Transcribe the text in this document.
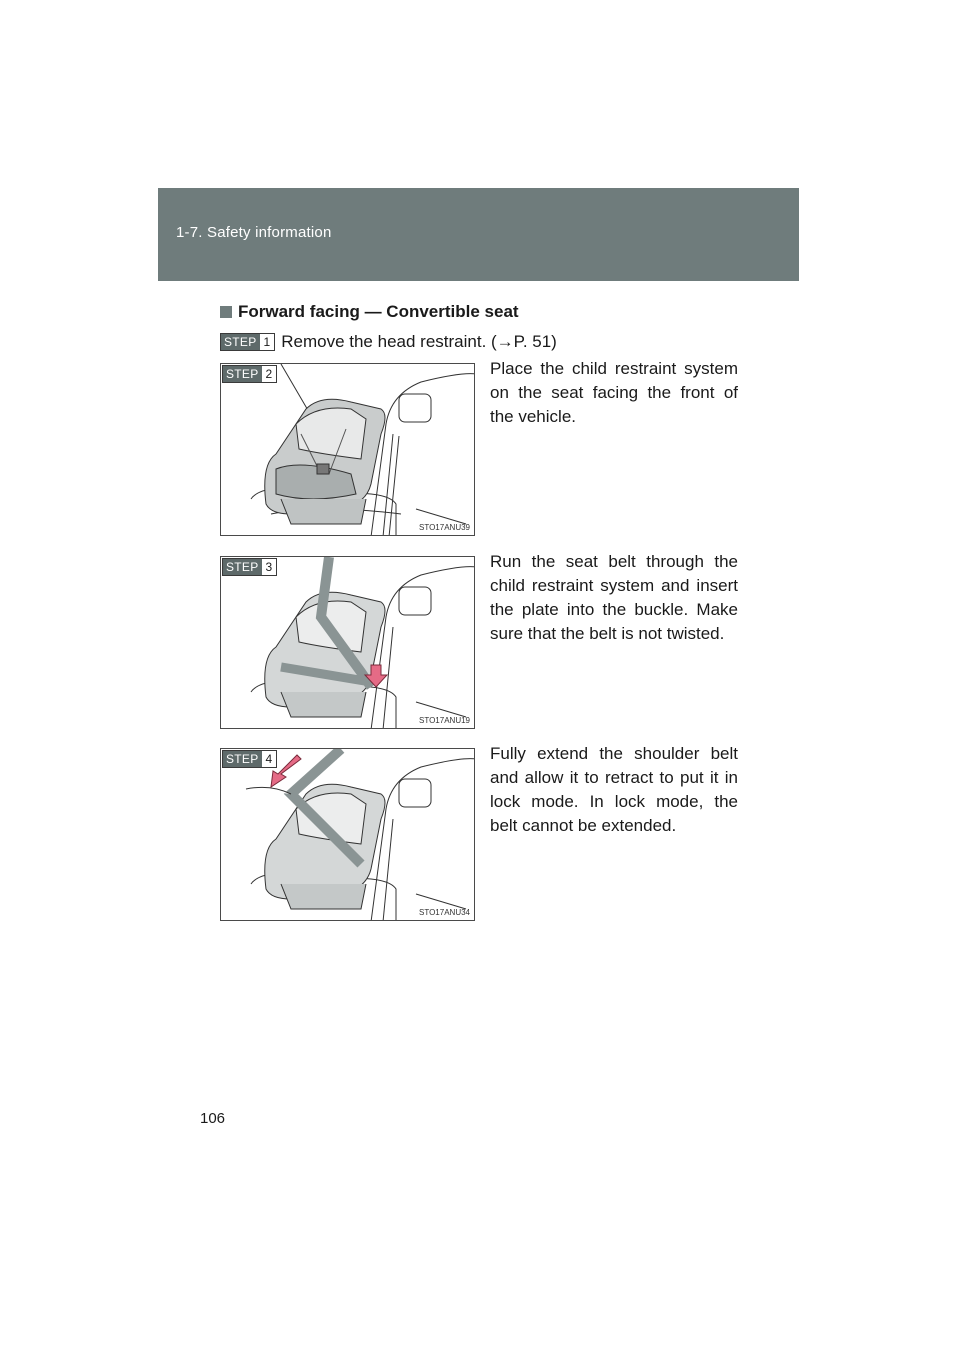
1-7. Safety information
Forward facing — Convertible seat
STEP 1 Remove the head restraint. (→P. 51)
STEP 2
STO17ANU39
Place the child restraint system on the seat facing the front of the vehicle.
STEP 3
STO17ANU19
Run the seat belt through the child restraint system and insert the plate into the buckle. Make sure that the belt is not twisted.
STEP 4
STO17ANU34
Fully extend the shoulder belt and allow it to retract to put it in lock mode. In lock mode, the belt cannot be extended.
106
